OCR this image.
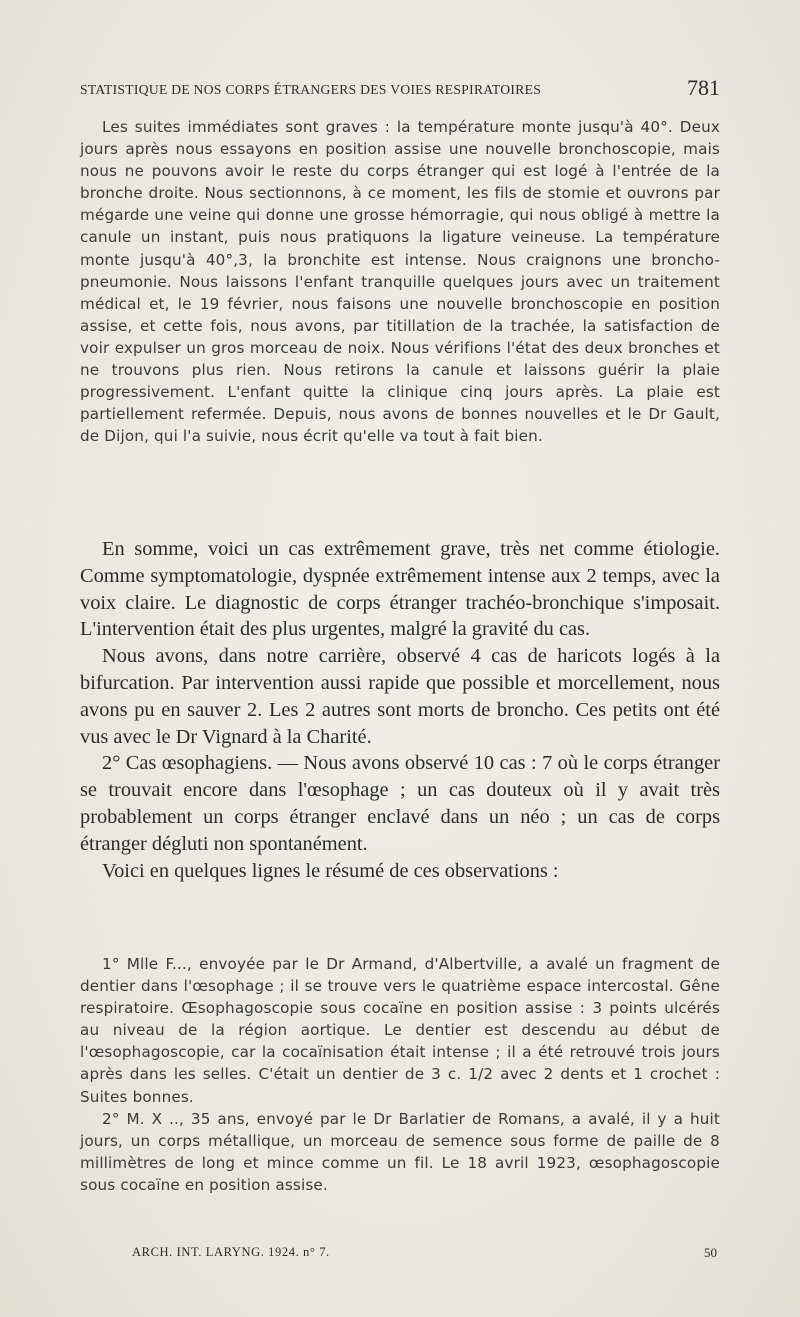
STATISTIQUE DE NOS CORPS ÉTRANGERS DES VOIES RESPIRATOIRES	781

Les suites immédiates sont graves : la température monte jusqu'à 40°. Deux jours après nous essayons en position assise une nouvelle bronchoscopie, mais nous ne pouvons avoir le reste du corps étranger qui est logé à l'entrée de la bronche droite. Nous sectionnons, à ce moment, les fils de stomie et ouvrons par mégarde une veine qui donne une grosse hémorragie, qui nous obligé à mettre la canule un instant, puis nous pratiquons la ligature veineuse. La température monte jusqu'à 40°,3, la bronchite est intense. Nous craignons une broncho-pneumonie. Nous laissons l'enfant tranquille quelques jours avec un traitement médical et, le 19 février, nous faisons une nouvelle bronchoscopie en position assise, et cette fois, nous avons, par titillation de la trachée, la satisfaction de voir expulser un gros morceau de noix. Nous vérifions l'état des deux bronches et ne trouvons plus rien. Nous retirons la canule et laissons guérir la plaie progressivement. L'enfant quitte la clinique cinq jours après. La plaie est partiellement refermée. Depuis, nous avons de bonnes nouvelles et le Dr Gault, de Dijon, qui l'a suivie, nous écrit qu'elle va tout à fait bien.

En somme, voici un cas extrêmement grave, très net comme étiologie. Comme symptomatologie, dyspnée extrêmement intense aux 2 temps, avec la voix claire. Le diagnostic de corps étranger trachéo-bronchique s'imposait. L'intervention était des plus urgentes, malgré la gravité du cas.

Nous avons, dans notre carrière, observé 4 cas de haricots logés à la bifurcation. Par intervention aussi rapide que possible et morcellement, nous avons pu en sauver 2. Les 2 autres sont morts de broncho. Ces petits ont été vus avec le Dr Vignard à la Charité.

2° Cas œsophagiens. — Nous avons observé 10 cas : 7 où le corps étranger se trouvait encore dans l'œsophage ; un cas douteux où il y avait très probablement un corps étranger enclavé dans un néo ; un cas de corps étranger dégluti non spontanément.

Voici en quelques lignes le résumé de ces observations :

1° Mlle F..., envoyée par le Dr Armand, d'Albertville, a avalé un fragment de dentier dans l'œsophage ; il se trouve vers le quatrième espace intercostal. Gêne respiratoire. Œsophagoscopie sous cocaïne en position assise : 3 points ulcérés au niveau de la région aortique. Le dentier est descendu au début de l'œsophagoscopie, car la cocaïnisation était intense ; il a été retrouvé trois jours après dans les selles. C'était un dentier de 3 c. 1/2 avec 2 dents et 1 crochet : Suites bonnes.

2° M. X .., 35 ans, envoyé par le Dr Barlatier de Romans, a avalé, il y a huit jours, un corps métallique, un morceau de semence sous forme de paille de 8 millimètres de long et mince comme un fil. Le 18 avril 1923, œsophagoscopie sous cocaïne en position assise.

ARCH. INT. LARYNG. 1924. n° 7.	50
